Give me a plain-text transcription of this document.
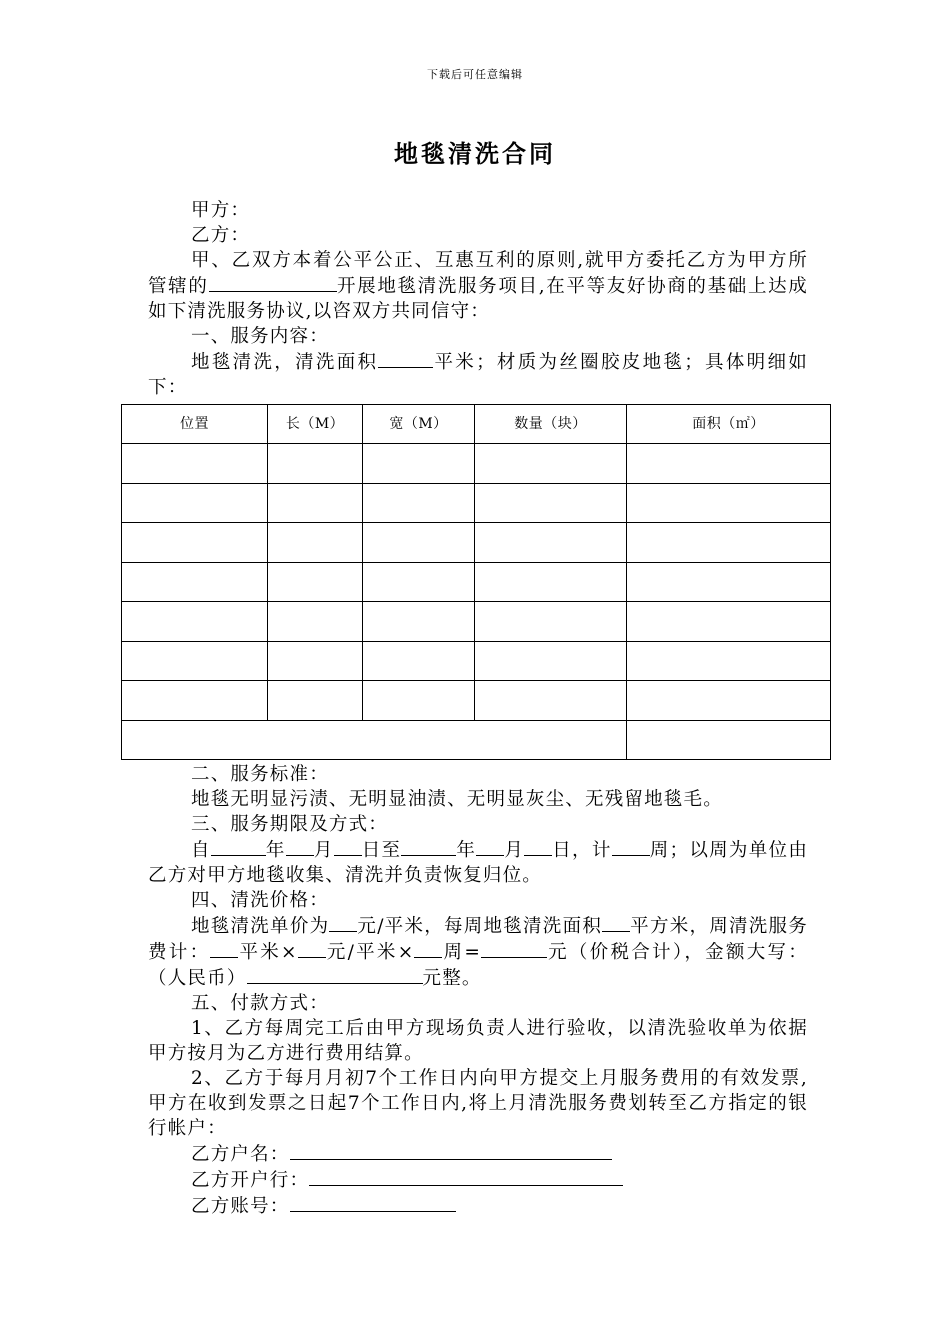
下载后可任意编辑
地毯清洗合同

甲方：

乙方：

甲、乙双方本着公平公正、互惠互利的原则,就甲方委托乙方为甲方所管辖的	开展地毯清洗服务项目,在平等友好协商的基础上达成如下清洗服务协议,以咨双方共同信守：

一、服务内容：

地毯清洗，清洗面积	平米；材质为丝圈胶皮地毯；具体明细如下：

位置	长（M）	宽（M）	数量（块）	面积（㎡）

二、服务标准：

地毯无明显污渍、无明显油渍、无明显灰尘、无残留地毯毛。

三、服务期限及方式：

自	年 月 日至	年 月 日，计 周；以周为单位由乙方对甲方地毯收集、清洗并负责恢复归位。

四、清洗价格：

地毯清洗单价为 元/平米，每周地毯清洗面积 平方米，周清洗服务费计： 平米× 元/平米× 周=	元（价税合计），金额大写：（人民币）	元整。

五、付款方式：

1、乙方每周完工后由甲方现场负责人进行验收，以清洗验收单为依据甲方按月为乙方进行费用结算。

2、乙方于每月月初7个工作日内向甲方提交上月服务费用的有效发票,甲方在收到发票之日起7个工作日内,将上月清洗服务费划转至乙方指定的银行帐户：

乙方户名：

乙方开户行：

乙方账号：
